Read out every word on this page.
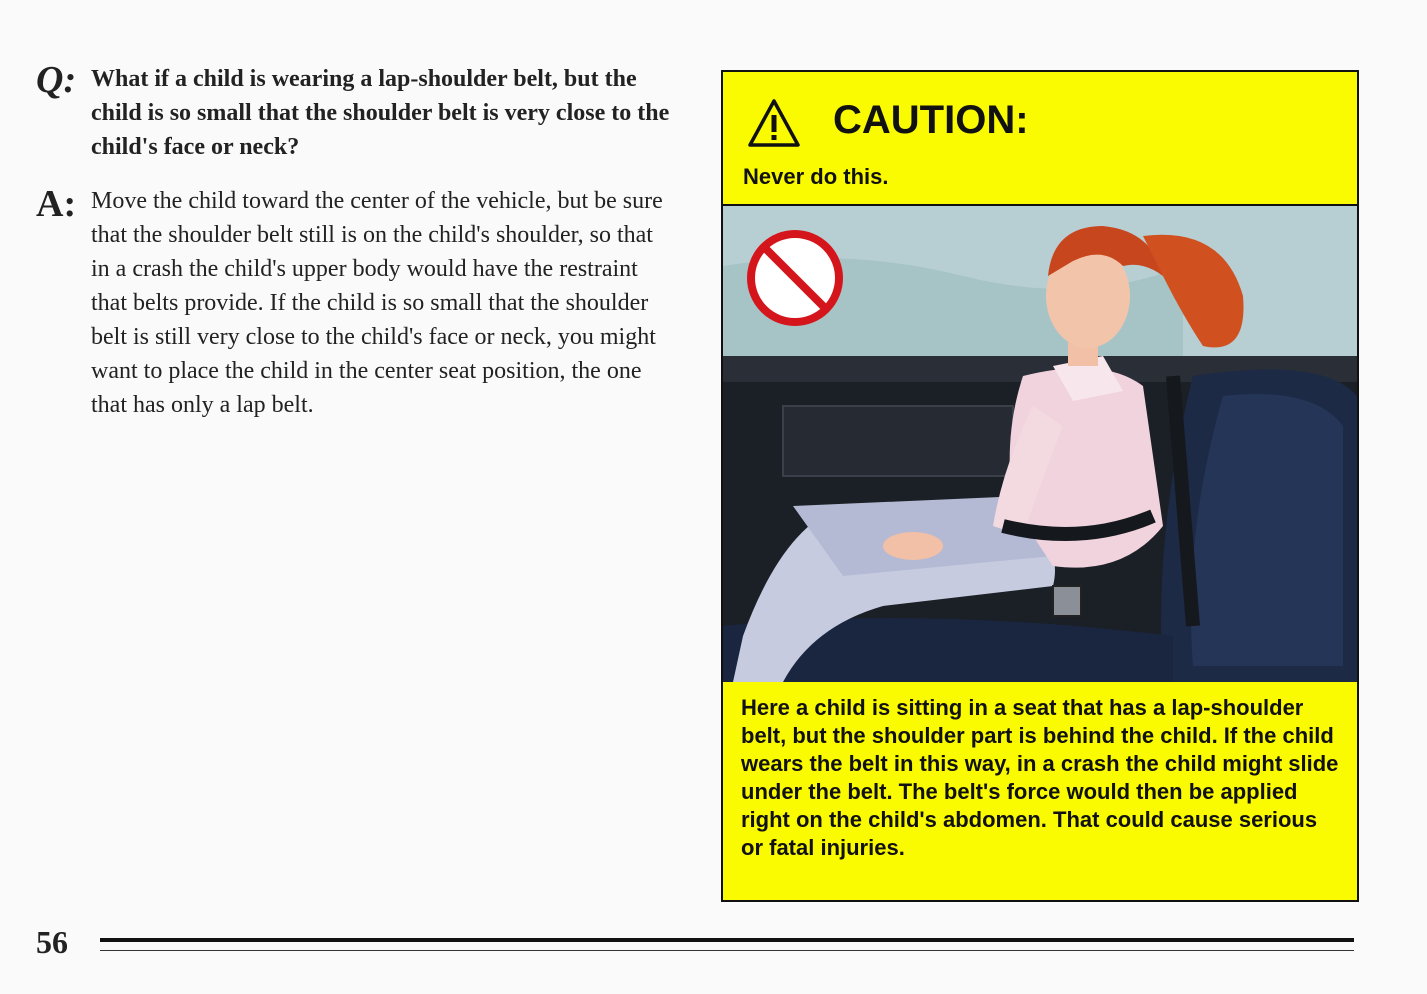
Q: What if a child is wearing a lap-shoulder belt, but the child is so small that the shoulder belt is very close to the child's face or neck?
A: Move the child toward the center of the vehicle, but be sure that the shoulder belt still is on the child's shoulder, so that in a crash the child's upper body would have the restraint that belts provide. If the child is so small that the shoulder belt is still very close to the child's face or neck, you might want to place the child in the center seat position, the one that has only a lap belt.
CAUTION:
Never do this.
Here a child is sitting in a seat that has a lap-shoulder belt, but the shoulder part is behind the child. If the child wears the belt in this way, in a crash the child might slide under the belt. The belt's force would then be applied right on the child's abdomen. That could cause serious or fatal injuries.
56
